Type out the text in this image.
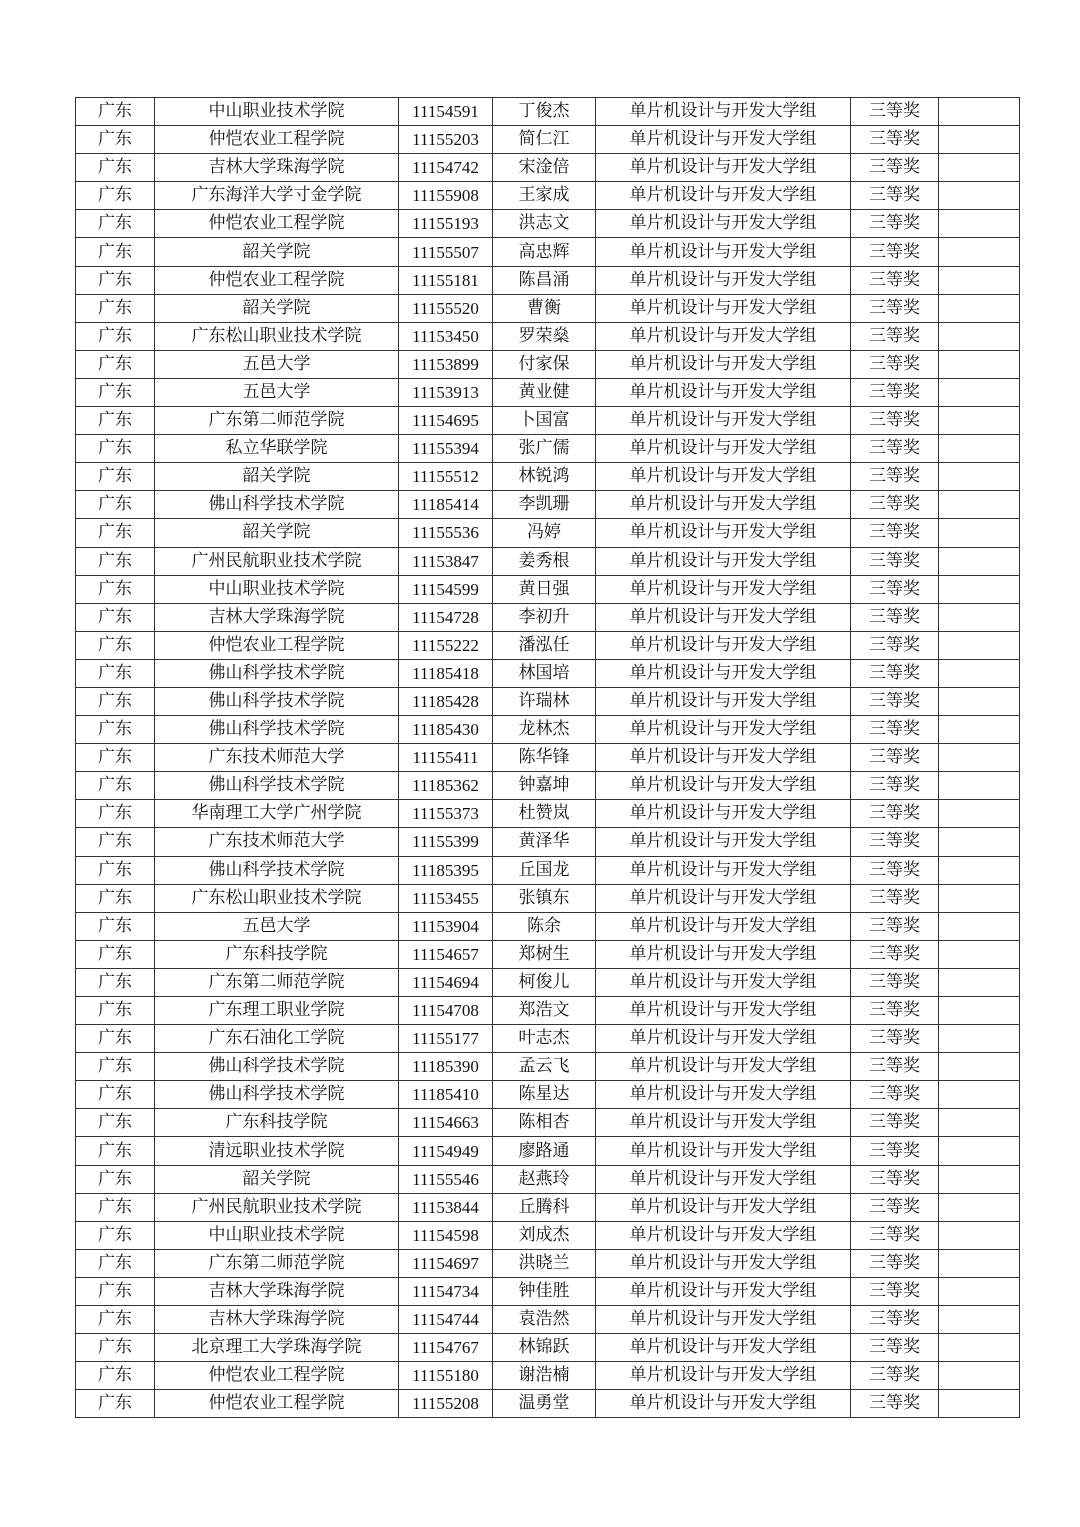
广东	中山职业技术学院	11154591	丁俊杰	单片机设计与开发大学组	三等奖	
广东	仲恺农业工程学院	11155203	简仁江	单片机设计与开发大学组	三等奖	
广东	吉林大学珠海学院	11154742	宋淦倍	单片机设计与开发大学组	三等奖	
广东	广东海洋大学寸金学院	11155908	王家成	单片机设计与开发大学组	三等奖	
广东	仲恺农业工程学院	11155193	洪志文	单片机设计与开发大学组	三等奖	
广东	韶关学院	11155507	高忠辉	单片机设计与开发大学组	三等奖	
广东	仲恺农业工程学院	11155181	陈昌涌	单片机设计与开发大学组	三等奖	
广东	韶关学院	11155520	曹衡	单片机设计与开发大学组	三等奖	
广东	广东松山职业技术学院	11153450	罗荣燊	单片机设计与开发大学组	三等奖	
广东	五邑大学	11153899	付家保	单片机设计与开发大学组	三等奖	
广东	五邑大学	11153913	黄业健	单片机设计与开发大学组	三等奖	
广东	广东第二师范学院	11154695	卜国富	单片机设计与开发大学组	三等奖	
广东	私立华联学院	11155394	张广儒	单片机设计与开发大学组	三等奖	
广东	韶关学院	11155512	林锐鸿	单片机设计与开发大学组	三等奖	
广东	佛山科学技术学院	11185414	李凯珊	单片机设计与开发大学组	三等奖	
广东	韶关学院	11155536	冯婷	单片机设计与开发大学组	三等奖	
广东	广州民航职业技术学院	11153847	姜秀根	单片机设计与开发大学组	三等奖	
广东	中山职业技术学院	11154599	黄日强	单片机设计与开发大学组	三等奖	
广东	吉林大学珠海学院	11154728	李初升	单片机设计与开发大学组	三等奖	
广东	仲恺农业工程学院	11155222	潘泓任	单片机设计与开发大学组	三等奖	
广东	佛山科学技术学院	11185418	林国培	单片机设计与开发大学组	三等奖	
广东	佛山科学技术学院	11185428	许瑞林	单片机设计与开发大学组	三等奖	
广东	佛山科学技术学院	11185430	龙林杰	单片机设计与开发大学组	三等奖	
广东	广东技术师范大学	11155411	陈华锋	单片机设计与开发大学组	三等奖	
广东	佛山科学技术学院	11185362	钟嘉坤	单片机设计与开发大学组	三等奖	
广东	华南理工大学广州学院	11155373	杜赞岚	单片机设计与开发大学组	三等奖	
广东	广东技术师范大学	11155399	黄泽华	单片机设计与开发大学组	三等奖	
广东	佛山科学技术学院	11185395	丘国龙	单片机设计与开发大学组	三等奖	
广东	广东松山职业技术学院	11153455	张镇东	单片机设计与开发大学组	三等奖	
广东	五邑大学	11153904	陈余	单片机设计与开发大学组	三等奖	
广东	广东科技学院	11154657	郑树生	单片机设计与开发大学组	三等奖	
广东	广东第二师范学院	11154694	柯俊儿	单片机设计与开发大学组	三等奖	
广东	广东理工职业学院	11154708	郑浩文	单片机设计与开发大学组	三等奖	
广东	广东石油化工学院	11155177	叶志杰	单片机设计与开发大学组	三等奖	
广东	佛山科学技术学院	11185390	孟云飞	单片机设计与开发大学组	三等奖	
广东	佛山科学技术学院	11185410	陈星达	单片机设计与开发大学组	三等奖	
广东	广东科技学院	11154663	陈相杏	单片机设计与开发大学组	三等奖	
广东	清远职业技术学院	11154949	廖路通	单片机设计与开发大学组	三等奖	
广东	韶关学院	11155546	赵燕玲	单片机设计与开发大学组	三等奖	
广东	广州民航职业技术学院	11153844	丘腾科	单片机设计与开发大学组	三等奖	
广东	中山职业技术学院	11154598	刘成杰	单片机设计与开发大学组	三等奖	
广东	广东第二师范学院	11154697	洪晓兰	单片机设计与开发大学组	三等奖	
广东	吉林大学珠海学院	11154734	钟佳胜	单片机设计与开发大学组	三等奖	
广东	吉林大学珠海学院	11154744	袁浩然	单片机设计与开发大学组	三等奖	
广东	北京理工大学珠海学院	11154767	林锦跃	单片机设计与开发大学组	三等奖	
广东	仲恺农业工程学院	11155180	谢浩楠	单片机设计与开发大学组	三等奖	
广东	仲恺农业工程学院	11155208	温勇堂	单片机设计与开发大学组	三等奖	
